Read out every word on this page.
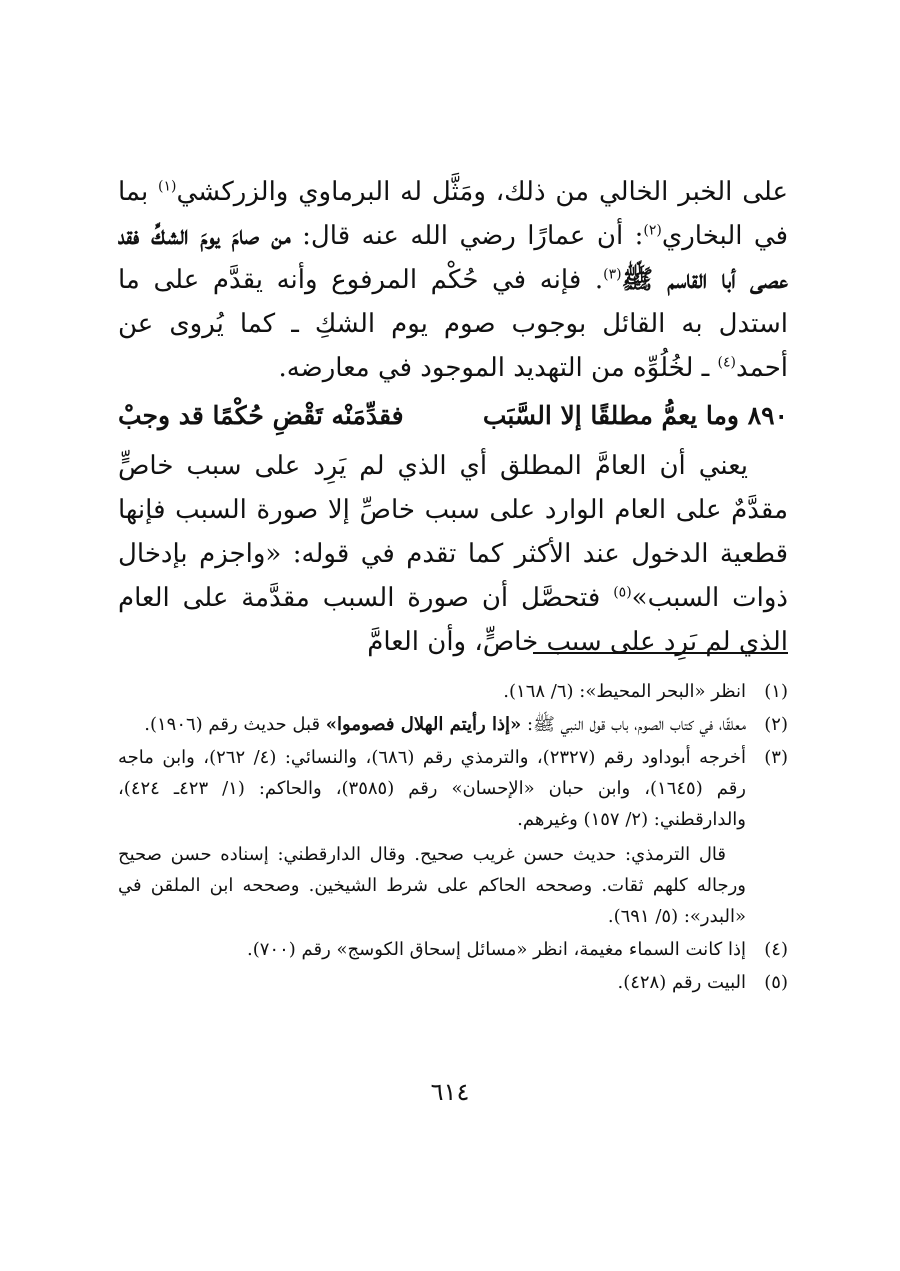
على الخبر الخالي من ذلك، ومَثَّل له البرماوي والزركشي$^{(١)}$ بما في البخاري$^{(٢)}$: أن عمارًا رضي الله عنه قال: من صامَ يومَ الشكِّ فقد عصى أبا القاسم ﷺ$^{(٣)}$. فإنه في حُكْم المرفوع وأنه يقدَّم على ما استدل به القائل بوجوب صوم يوم الشكِ ـ كما يُروى عن أحمد$^{(٤)}$ ـ لخُلُوِّه من التهديد الموجود في معارضه.

٨٩٠ وما يعمُّ مطلقًا إلا السَّبَب
فقدِّمَنْه تَقْضِ حُكْمًا قد وجبْ

يعني أن العامَّ المطلق أي الذي لم يَرِد على سبب خاصٍّ مقدَّمٌ على العام الوارد على سبب خاصِّ إلا صورة السبب فإنها قطعية الدخول عند الأكثر كما تقدم في قوله: «واجزم بإدخال ذوات السبب»$^{(٥)}$ فتحصَّل أن صورة السبب مقدَّمة على العام الذي لم يَرِد على سبب خاصٍّ، وأن العامَّ

(١)
انظر «البحر المحيط»: (٦/ ١٦٨).
(٢)
معلقًا، في كتاب الصوم، باب قول النبي ﷺ: «إذا رأيتم الهلال فصوموا» قبل حديث رقم (١٩٠٦).
(٣)
أخرجه أبوداود رقم (٢٣٢٧)، والترمذي رقم (٦٨٦)، والنسائي: (٤/ ٢٦٢)، وابن ماجه رقم (١٦٤٥)، وابن حبان «الإحسان» رقم (٣٥٨٥)، والحاكم: (١/ ٤٢٣ـ ٤٢٤)، والدارقطني: (٢/ ١٥٧) وغيرهم.
قال الترمذي: حديث حسن غريب صحيح. وقال الدارقطني: إسناده حسن صحيح ورجاله كلهم ثقات. وصححه الحاكم على شرط الشيخين. وصححه ابن الملقن في «البدر»: (٥/ ٦٩١).
(٤)
إذا كانت السماء مغيمة، انظر «مسائل إسحاق الكوسج» رقم (٧٠٠).
(٥)
البيت رقم (٤٢٨).
٦١٤
